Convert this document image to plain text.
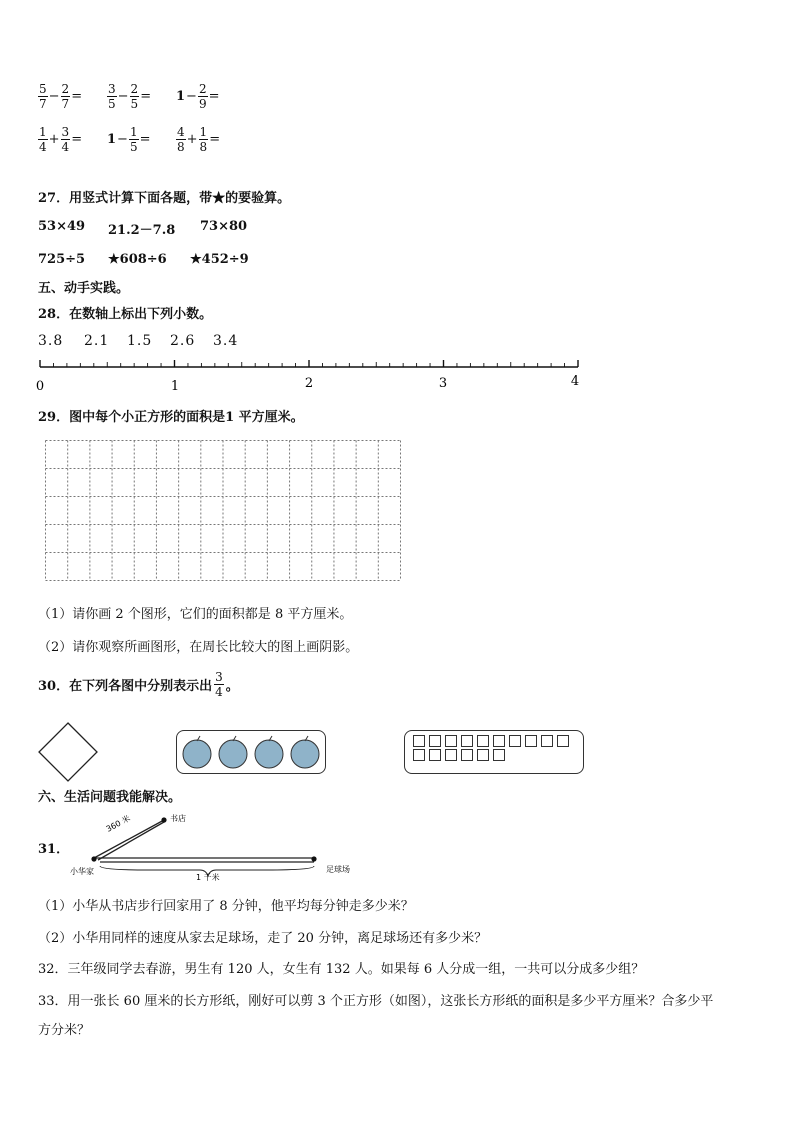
$\frac{5}{7} - \frac{2}{7} = \frac{3}{5} - \frac{2}{5} = 1 - \frac{2}{9}$ =
$\frac{1}{4} + \frac{3}{4} = 1 - \frac{1}{5} = \frac{4}{8} + \frac{1}{8}$ =
27．用竖式计算下面各题，带★的要验算。
53×49 21.2－7.8 73×80
725÷5 ★608÷6 ★452÷9
五、动手实践。
28．在数轴上标出下列小数。
3.8 2.1 1.5 2.6 3.4
0	1	2	3	4
29．图中每个小正方形的面积是1 平方厘米。
（1）请你画 2 个图形，它们的面积都是 8 平方厘米。
（2）请你观察所画图形，在周长比较大的图上画阴影。
30．在下列各图中分别表示出 $\frac{3}{4}$ 。
六、生活问题我能解决。
31．
360 米	书店
小华家	足球场
1 千米
（1）小华从书店步行回家用了 8 分钟，他平均每分钟走多少米？
（2）小华用同样的速度从家去足球场，走了 20 分钟，离足球场还有多少米？
32．三年级同学去春游，男生有 120 人，女生有 132 人。如果每 6 人分成一组，一共可以分成多少组？
33．用一张长 60 厘米的长方形纸，刚好可以剪 3 个正方形（如图），这张长方形纸的面积是多少平方厘米？合多少平
方分米？
